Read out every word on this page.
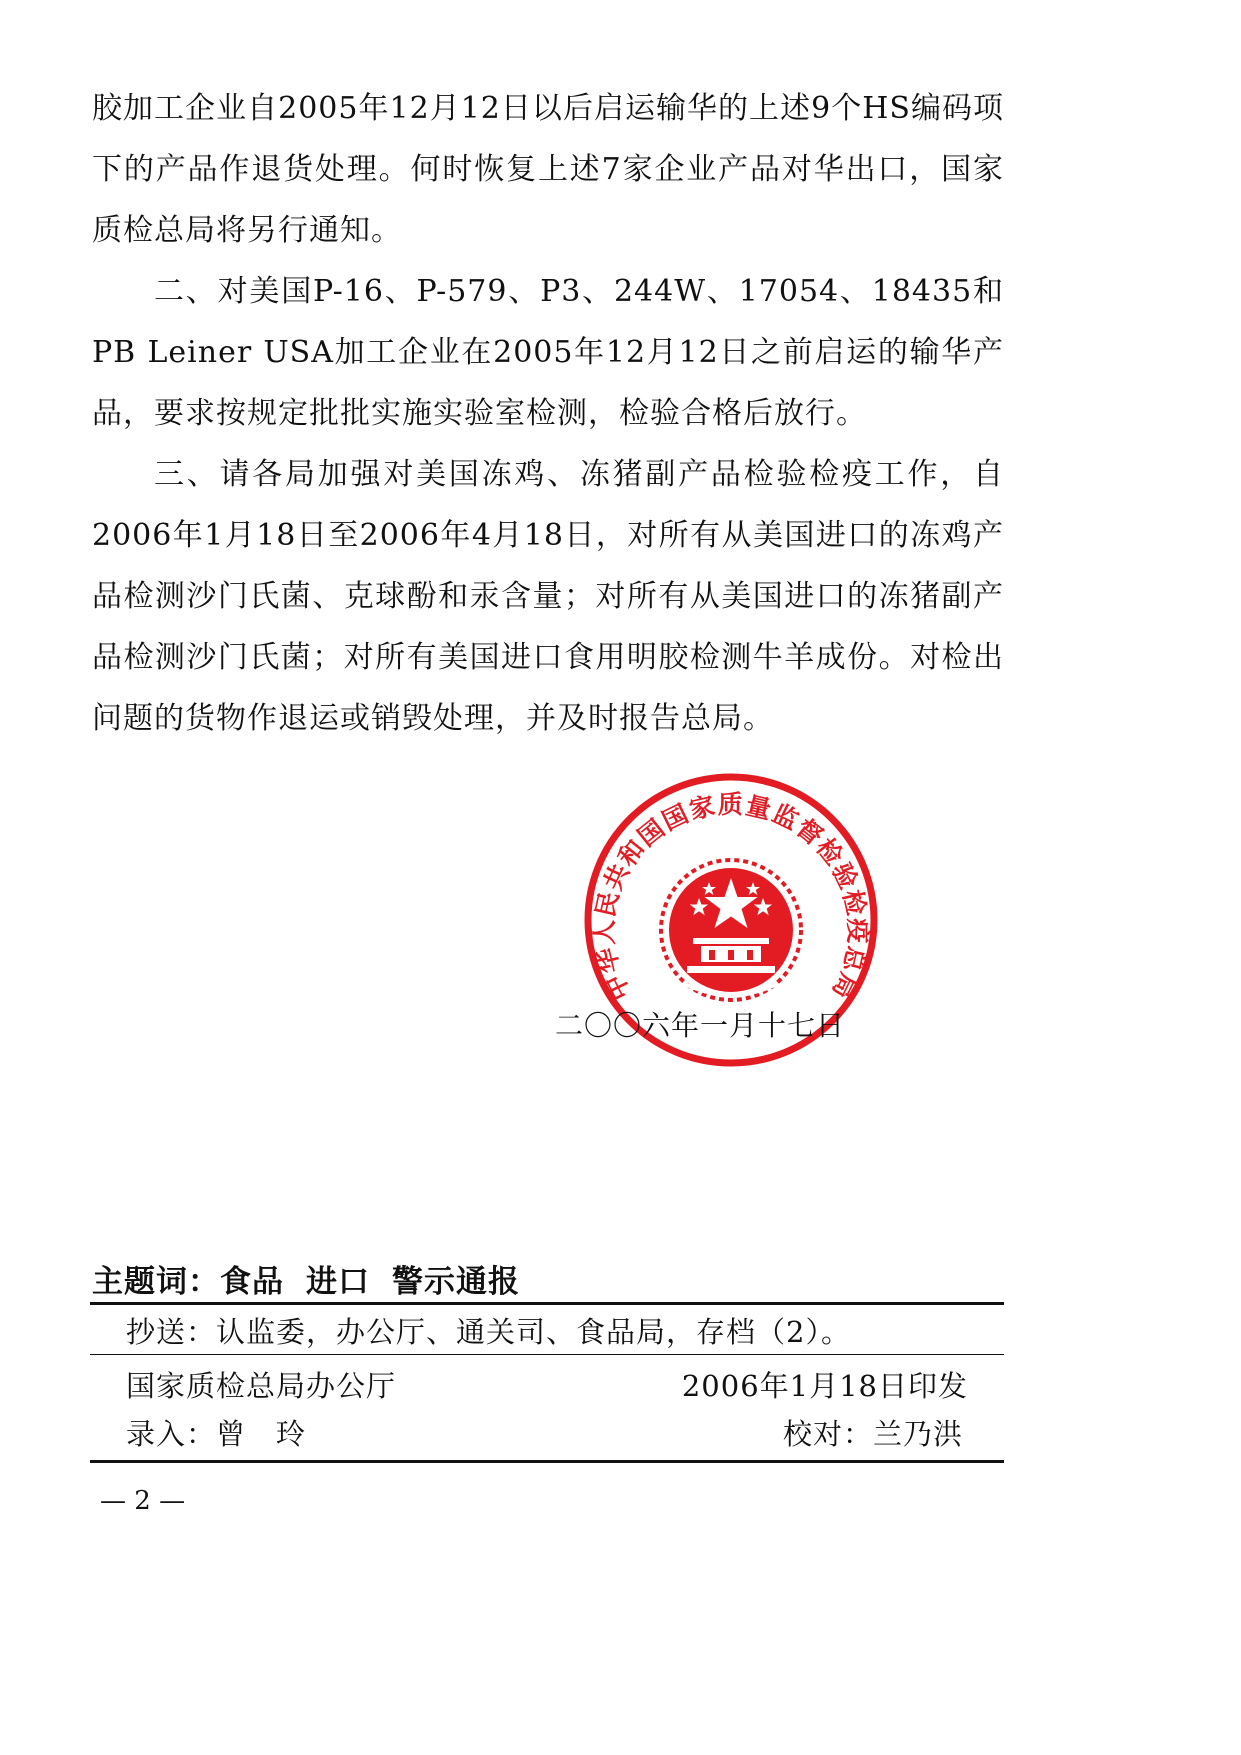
胶加工企业自2005年12月12日以后启运输华的上述9个HS编码项下的产品作退货处理。何时恢复上述7家企业产品对华出口，国家质检总局将另行通知。

二、对美国P-16、P-579、P3、244W、17054、18435和PB Leiner USA加工企业在2005年12月12日之前启运的输华产品，要求按规定批批实施实验室检测，检验合格后放行。

三、请各局加强对美国冻鸡、冻猪副产品检验检疫工作，自2006年1月18日至2006年4月18日，对所有从美国进口的冻鸡产品检测沙门氏菌、克球酚和汞含量；对所有从美国进口的冻猪副产品检测沙门氏菌；对所有美国进口食用明胶检测牛羊成份。对检出问题的货物作退运或销毁处理，并及时报告总局。

中华人民共和国国家质量监督检验检疫总局
二〇〇六年一月十七日
主题词：食品 进口 警示通报
抄送：认监委，办公厅、通关司、食品局，存档（2）。
国家质检总局办公厅	2006年1月18日印发
录入：曾　玲	校对：兰乃洪
— 2 —
